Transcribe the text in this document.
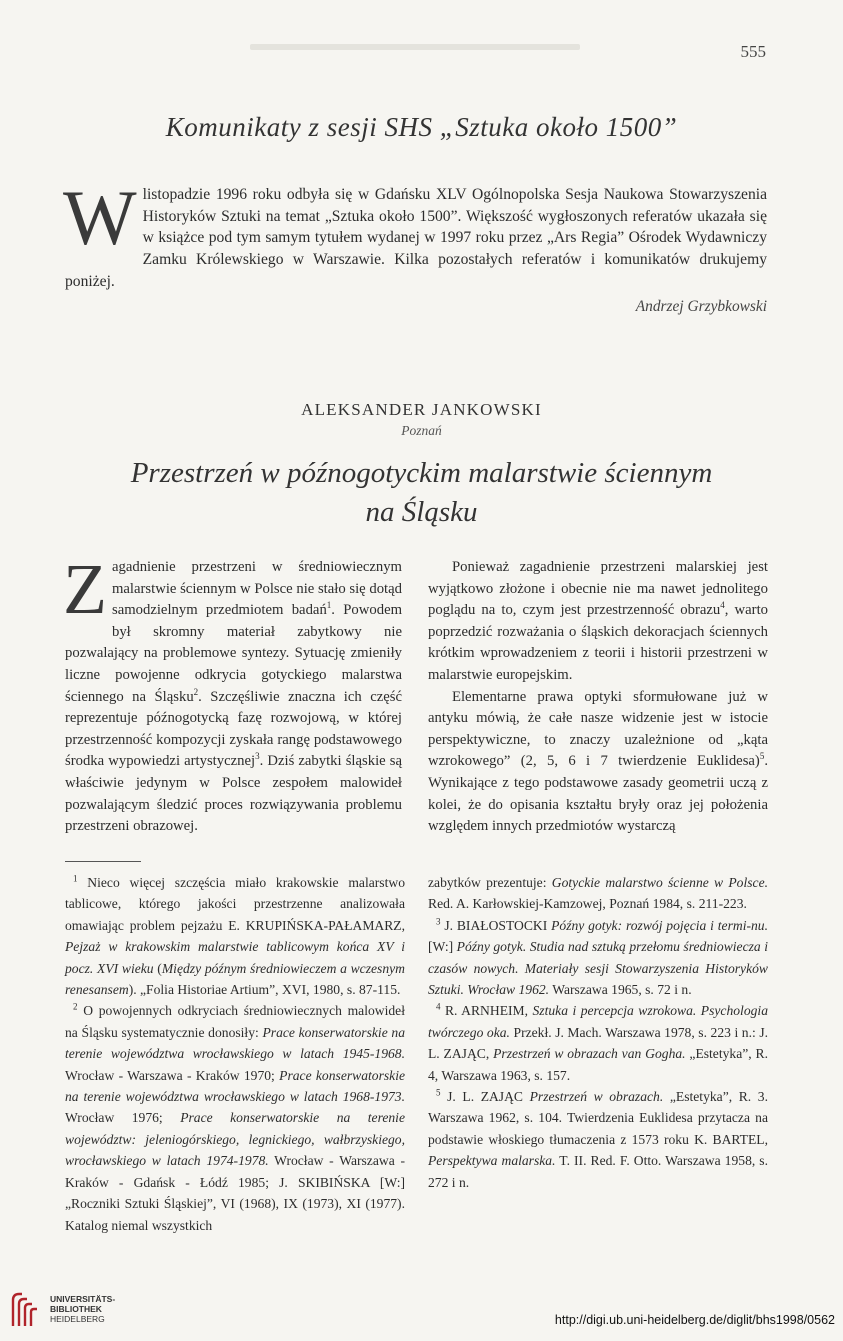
555
Komunikaty z sesji SHS „Sztuka około 1500”
Wlistopadzie 1996 roku odbyła się w Gdańsku XLV Ogólnopolska Sesja Naukowa Stowarzyszenia Historyków Sztuki na temat „Sztuka około 1500”. Większość wygłoszonych referatów ukazała się w książce pod tym samym tytułem wydanej w 1997 roku przez „Ars Regia” Ośrodek Wydawniczy Zamku Królewskiego w Warszawie. Kilka pozostałych referatów i komunikatów drukujemy poniżej.
Andrzej Grzybkowski
ALEKSANDER JANKOWSKI
Poznań
Przestrzeń w późnogotyckim malarstwie ściennym
na Śląsku

Zagadnienie przestrzeni w średniowiecznym malarstwie ściennym w Polsce nie stało się dotąd samodzielnym przedmiotem badań$^1$. Powodem był skromny materiał zabytkowy nie pozwalający na problemowe syntezy. Sytuację zmieniły liczne powojenne odkrycia gotyckiego malarstwa ściennego na Śląsku$^2$. Szczęśliwie znaczna ich część reprezentuje późnogotycką fazę rozwojową, w której przestrzenność kompozycji zyskała rangę podstawowego środka wypowiedzi artystycznej$^3$. Dziś zabytki śląskie są właściwie jedynym w Polsce zespołem malowideł pozwalającym śledzić proces rozwiązywania problemu przestrzeni obrazowej.

Ponieważ zagadnienie przestrzeni malarskiej jest wyjątkowo złożone i obecnie nie ma nawet jednolitego poglądu na to, czym jest przestrzenność obrazu$^4$, warto poprzedzić rozważania o śląskich dekoracjach ściennych krótkim wprowadzeniem z teorii i historii przestrzeni w malarstwie europejskim.

Elementarne prawa optyki sformułowane już w antyku mówią, że całe nasze widzenie jest w istocie perspektywiczne, to znaczy uzależnione od „kąta wzrokowego” (2, 5, 6 i 7 twierdzenie Euklidesa)$^5$. Wynikające z tego podstawowe zasady geometrii uczą z kolei, że do opisania kształtu bryły oraz jej położenia względem innych przedmiotów wystarczą

$^1$ Nieco więcej szczęścia miało krakowskie malarstwo tablicowe, którego jakości przestrzenne analizowała omawiając problem pejzażu E. KRUPIŃSKA-PAŁAMARZ, Pejzaż w krakowskim malarstwie tablicowym końca XV i pocz. XVI wieku (Między późnym średniowieczem a wczesnym renesansem). „Folia Historiae Artium”, XVI, 1980, s. 87-115.

$^2$ O powojennych odkryciach średniowiecznych malowideł na Śląsku systematycznie donosiły: Prace konserwatorskie na terenie województwa wrocławskiego w latach 1945-1968. Wrocław - Warszawa - Kraków 1970; Prace konserwatorskie na terenie województwa wrocławskiego w latach 1968-1973. Wrocław 1976; Prace konserwatorskie na terenie województw: jeleniogórskiego, legnickiego, wałbrzyskiego, wrocławskiego w latach 1974-1978. Wrocław - Warszawa - Kraków - Gdańsk - Łódź 1985; J. SKIBIŃSKA [W:] „Roczniki Sztuki Śląskiej”, VI (1968), IX (1973), XI (1977). Katalog niemal wszystkich

zabytków prezentuje: Gotyckie malarstwo ścienne w Polsce. Red. A. Karłowskiej-Kamzowej, Poznań 1984, s. 211-223.

$^3$ J. BIAŁOSTOCKI Późny gotyk: rozwój pojęcia i termi-nu. [W:] Późny gotyk. Studia nad sztuką przełomu średniowiecza i czasów nowych. Materiały sesji Stowarzyszenia Historyków Sztuki. Wrocław 1962. Warszawa 1965, s. 72 i n.

$^4$ R. ARNHEIM, Sztuka i percepcja wzrokowa. Psychologia twórczego oka. Przekł. J. Mach. Warszawa 1978, s. 223 i n.: J. L. ZAJĄC, Przestrzeń w obrazach van Gogha. „Estetyka”, R. 4, Warszawa 1963, s. 157.

$^5$ J. L. ZAJĄC Przestrzeń w obrazach. „Estetyka”, R. 3. Warszawa 1962, s. 104. Twierdzenia Euklidesa przytacza na podstawie włoskiego tłumaczenia z 1573 roku K. BARTEL, Perspektywa malarska. T. II. Red. F. Otto. Warszawa 1958, s. 272 i n.

UNIVERSITÄTS-
BIBLIOTHEK
HEIDELBERG	http://digi.ub.uni-heidelberg.de/diglit/bhs1998/0562
